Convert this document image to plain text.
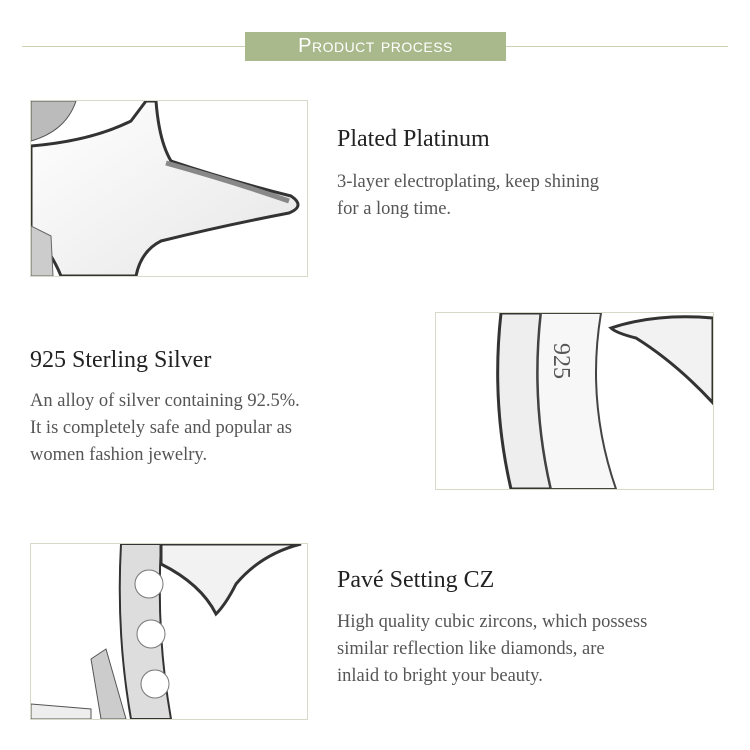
Product process
Plated Platinum
3-layer electroplating, keep shining
for a long time.
925 Sterling Silver
An alloy of silver containing 92.5%.
It is completely safe and popular as
women fashion jewelry.
925
Pavé Setting CZ
High quality cubic zircons, which possess
similar reflection like diamonds, are
inlaid to bright your beauty.
